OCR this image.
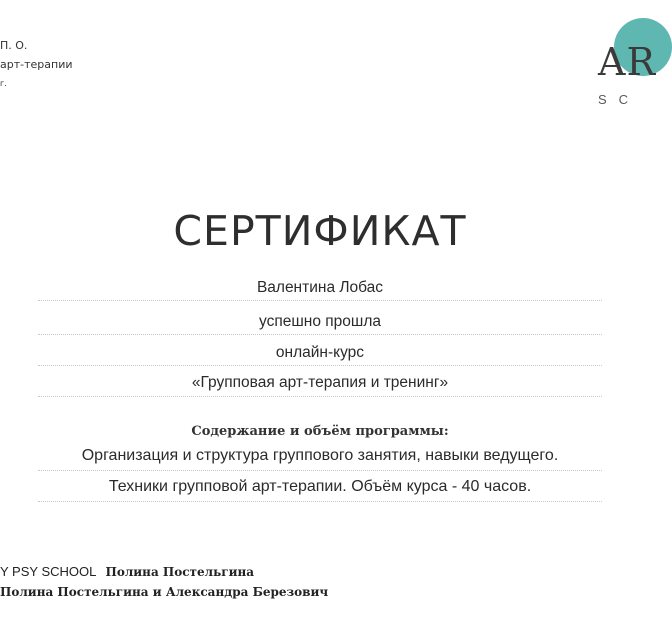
П. О.
арт-терапии
г.	AR
SC
СЕРТИФИКАТ
Валентина Лобас
успешно прошла
онлайн-курс
«Групповая арт-терапия и тренинг»
Содержание и объём программы:
Организация и структура группового занятия, навыки ведущего.
Техники групповой арт-терапии. Объём курса - 40 часов.
Y PSY SCHOOL Полина Постельгина
Полина Постельгина и Александра Березович
